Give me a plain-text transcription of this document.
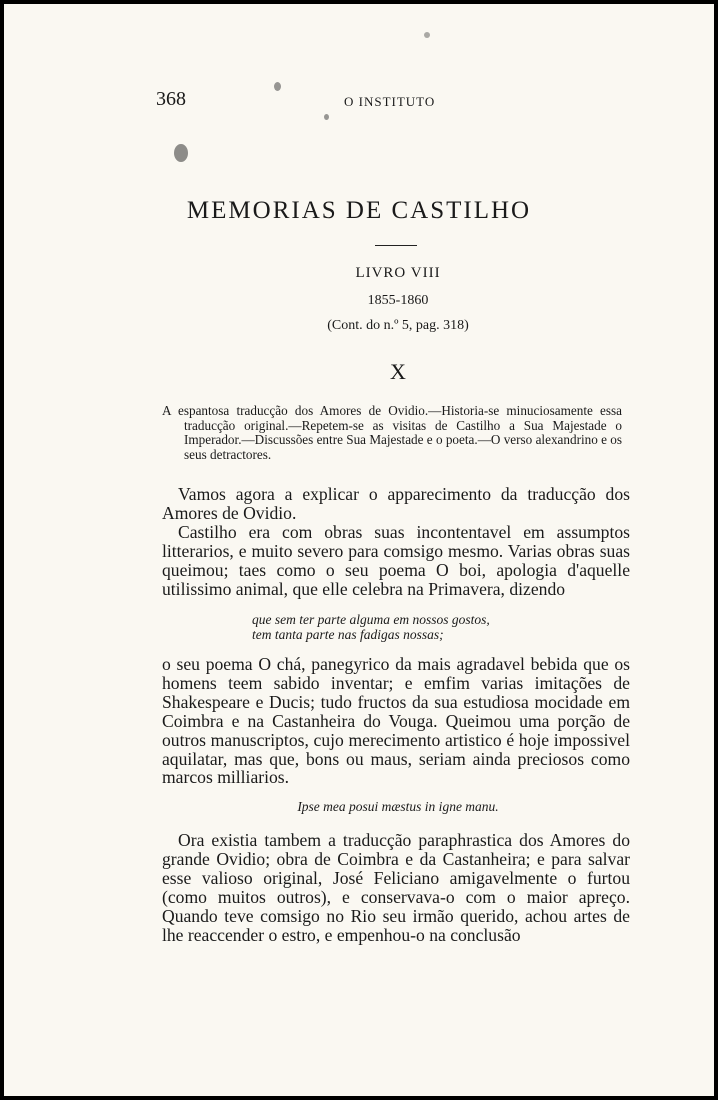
368	O INSTITUTO
MEMORIAS DE CASTILHO
LIVRO VIII
1855-1860
(Cont. do n.º 5, pag. 318)
X

A espantosa traducção dos Amores de Ovidio.—Historia-se minuciosamente essa traducção original.—Repetem-se as visitas de Castilho a Sua Majestade o Imperador.—Discussões entre Sua Majestade e o poeta.—O verso alexandrino e os seus detractores.

Vamos agora a explicar o apparecimento da traducção dos Amores de Ovidio.

Castilho era com obras suas incontentavel em assumptos litterarios, e muito severo para comsigo mesmo. Varias obras suas queimou; taes como o seu poema O boi, apologia d'aquelle utilissimo animal, que elle celebra na Primavera, dizendo

que sem ter parte alguma em nossos gostos,
tem tanta parte nas fadigas nossas;

o seu poema O chá, panegyrico da mais agradavel bebida que os homens teem sabido inventar; e emfim varias imitações de Shakespeare e Ducis; tudo fructos da sua estudiosa mocidade em Coimbra e na Castanheira do Vouga. Queimou uma porção de outros manuscriptos, cujo merecimento artistico é hoje impossivel aquilatar, mas que, bons ou maus, seriam ainda preciosos como marcos milliarios.

Ipse mea posui mæstus in igne manu.

Ora existia tambem a traducção paraphrastica dos Amores do grande Ovidio; obra de Coimbra e da Castanheira; e para salvar esse valioso original, José Feliciano amigavelmente o furtou (como muitos outros), e conservava-o com o maior apreço. Quando teve comsigo no Rio seu irmão querido, achou artes de lhe reaccender o estro, e empenhou-o na conclusão
